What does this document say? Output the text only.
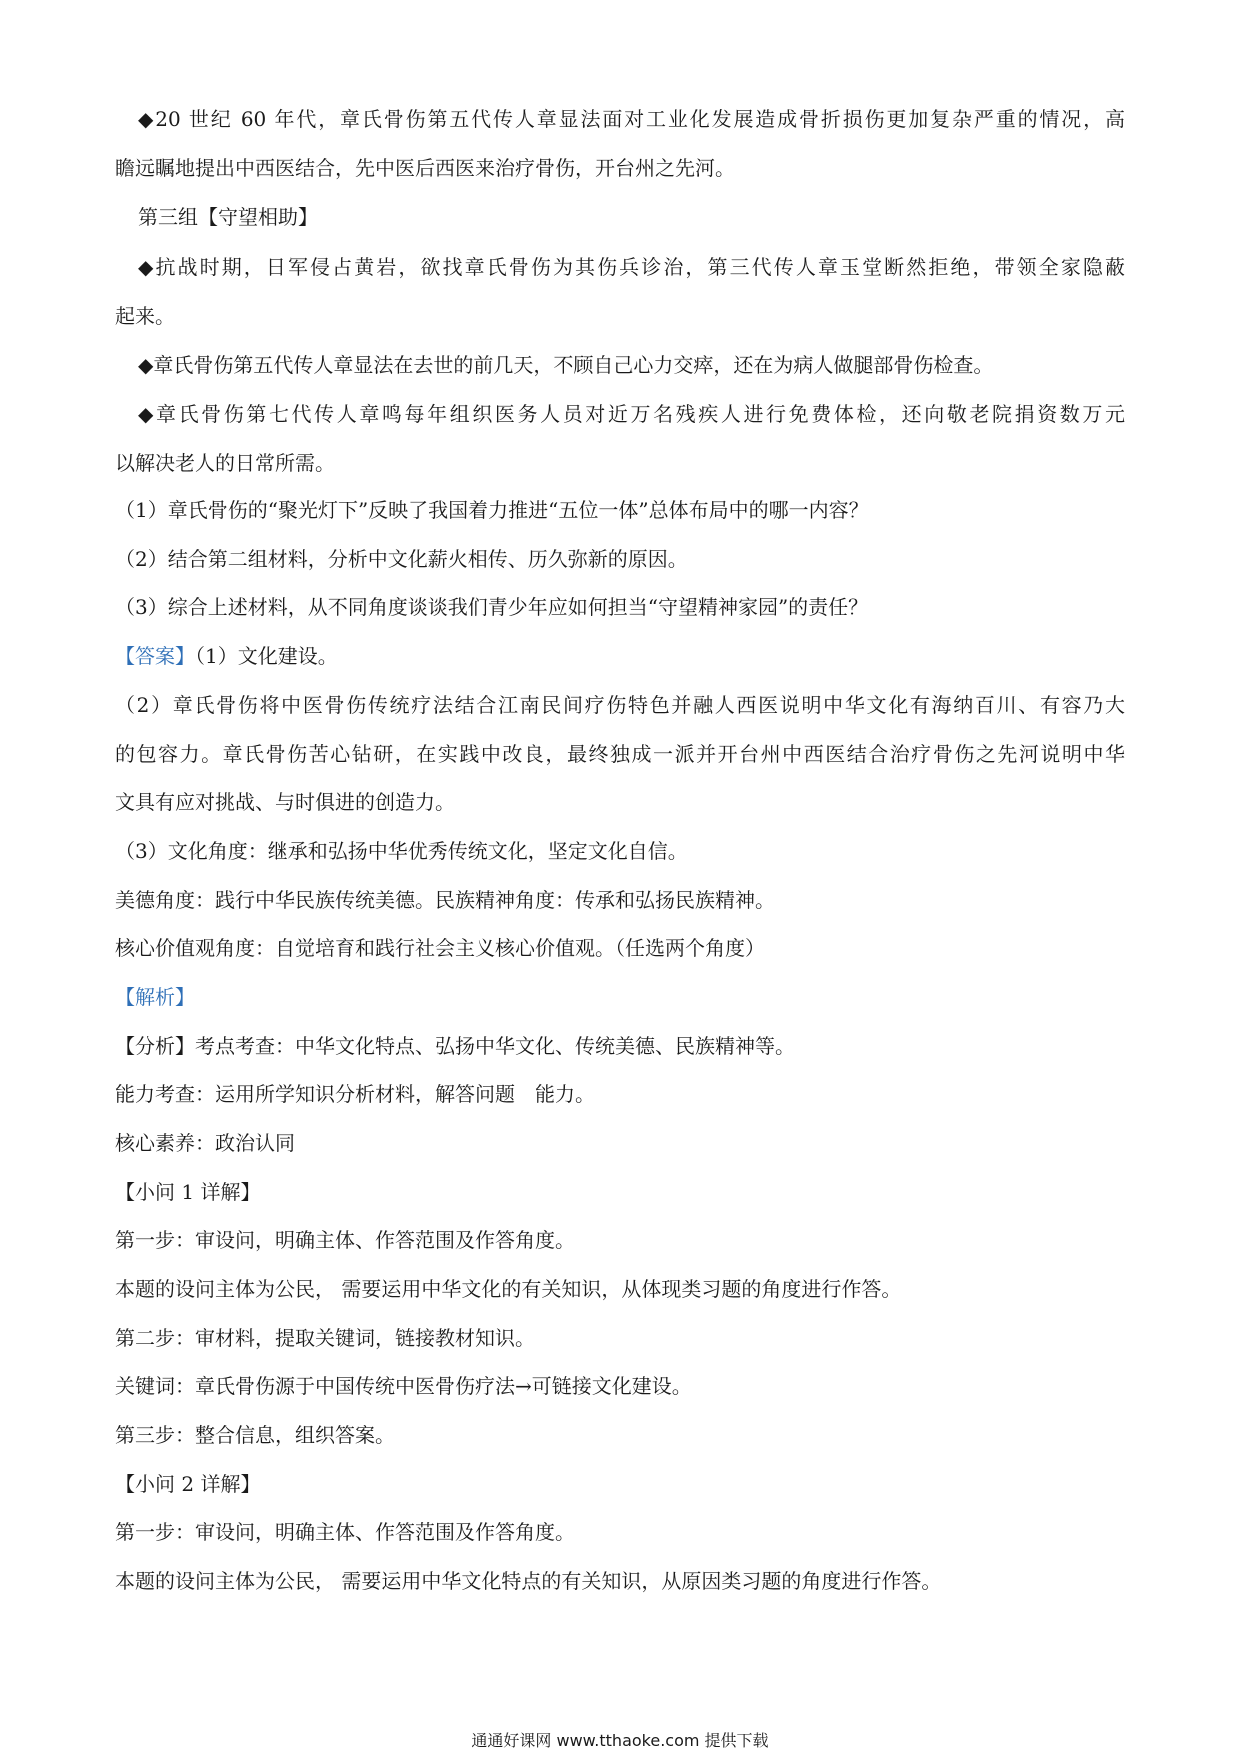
◆20 世纪 60 年代，章氏骨伤第五代传人章显法面对工业化发展造成骨折损伤更加复杂严重的情况，高
瞻远瞩地提出中西医结合，先中医后西医来治疗骨伤，开台州之先河。
第三组【守望相助】
◆抗战时期，日军侵占黄岩，欲找章氏骨伤为其伤兵诊治，第三代传人章玉堂断然拒绝，带领全家隐蔽
起来。
◆章氏骨伤第五代传人章显法在去世的前几天，不顾自己心力交瘁，还在为病人做腿部骨伤检查。
◆章氏骨伤第七代传人章鸣每年组织医务人员对近万名残疾人进行免费体检，还向敬老院捐资数万元
以解决老人的日常所需。
（1）章氏骨伤的“聚光灯下”反映了我国着力推进“五位一体”总体布局中的哪一内容？
（2）结合第二组材料，分析中文化薪火相传、历久弥新的原因。
（3）综合上述材料，从不同角度谈谈我们青少年应如何担当“守望精神家园”的责任？
【答案】（1）文化建设。
（2）章氏骨伤将中医骨伤传统疗法结合江南民间疗伤特色并融人西医说明中华文化有海纳百川、有容乃大
的包容力。章氏骨伤苦心钻研，在实践中改良，最终独成一派并开台州中西医结合治疗骨伤之先河说明中华
文具有应对挑战、与时俱进的创造力。
（3）文化角度：继承和弘扬中华优秀传统文化，坚定文化自信。
美德角度：践行中华民族传统美德。民族精神角度：传承和弘扬民族精神。
核心价值观角度：自觉培育和践行社会主义核心价值观。（任选两个角度）
【解析】
【分析】考点考查：中华文化特点、弘扬中华文化、传统美德、民族精神等。
能力考查：运用所学知识分析材料，解答问题　能力。
核心素养：政治认同
【小问 1 详解】
第一步：审设问，明确主体、作答范围及作答角度。
本题的设问主体为公民， 需要运用中华文化的有关知识，从体现类习题的角度进行作答。
第二步：审材料，提取关键词，链接教材知识。
关键词：章氏骨伤源于中国传统中医骨伤疗法→可链接文化建设。
第三步：整合信息，组织答案。
【小问 2 详解】
第一步：审设问，明确主体、作答范围及作答角度。
本题的设问主体为公民， 需要运用中华文化特点的有关知识，从原因类习题的角度进行作答。
通通好课网 www.tthaoke.com 提供下载
